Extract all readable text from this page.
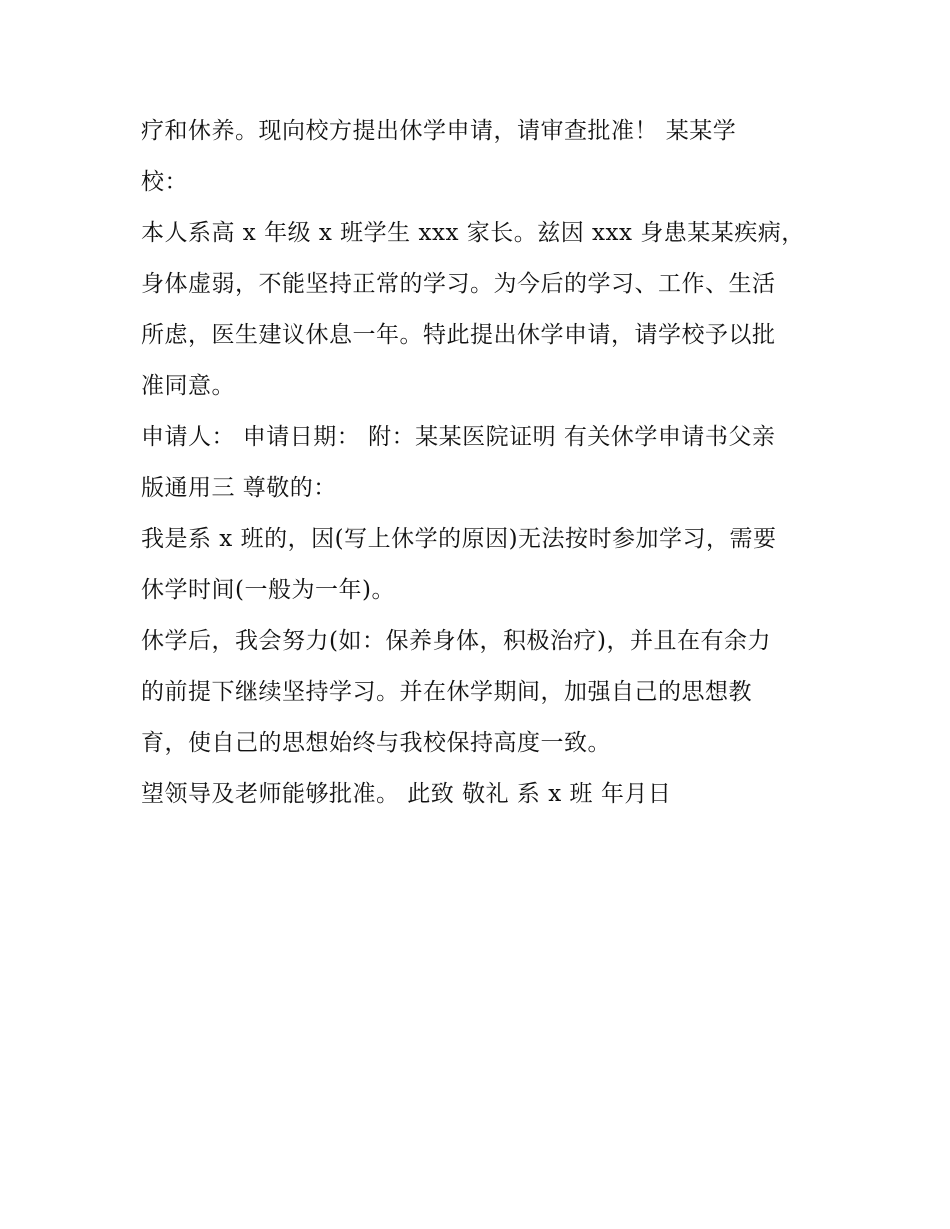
疗和休养。现向校方提出休学申请，请审查批准！ 某某学
校：
本人系高 x 年级 x 班学生 xxx 家长。兹因 xxx 身患某某疾病，
身体虚弱，不能坚持正常的学习。为今后的学习、工作、生活
所虑，医生建议休息一年。特此提出休学申请，请学校予以批
准同意。
申请人： 申请日期： 附：某某医院证明 有关休学申请书父亲
版通用三 尊敬的：
我是系 x 班的，因(写上休学的原因)无法按时参加学习，需要
休学时间(一般为一年)。
休学后，我会努力(如：保养身体，积极治疗)，并且在有余力
的前提下继续坚持学习。并在休学期间，加强自己的思想教
育，使自己的思想始终与我校保持高度一致。
望领导及老师能够批准。 此致 敬礼 系 x 班 年月日
